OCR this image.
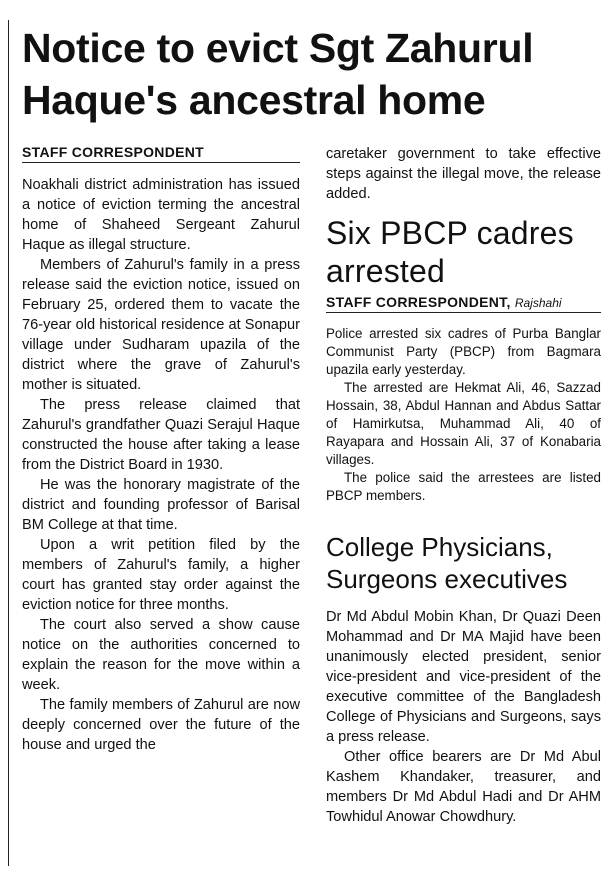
Notice to evict Sgt Zahurul Haque's ancestral home
STAFF CORRESPONDENT

Noakhali district administration has issued a notice of eviction terming the ancestral home of Shaheed Sergeant Zahurul Haque as illegal structure.

Members of Zahurul's family in a press release said the eviction notice, issued on February 25, ordered them to vacate the 76-year old historical residence at Sonapur village under Sudharam upazila of the district where the grave of Zahurul's mother is situated.

The press release claimed that Zahurul's grandfather Quazi Serajul Haque constructed the house after taking a lease from the District Board in 1930.

He was the honorary magistrate of the district and founding professor of Barisal BM College at that time.

Upon a writ petition filed by the members of Zahurul's family, a higher court has granted stay order against the eviction notice for three months.

The court also served a show cause notice on the authorities concerned to explain the reason for the move within a week.

The family members of Zahurul are now deeply concerned over the future of the house and urged the

caretaker government to take effective steps against the illegal move, the release added.

Six PBCP cadres arrested
STAFF CORRESPONDENT, Rajshahi

Police arrested six cadres of Purba Banglar Communist Party (PBCP) from Bagmara upazila early yesterday.

The arrested are Hekmat Ali, 46, Sazzad Hossain, 38, Abdul Hannan and Abdus Sattar of Hamirkutsa, Muhammad Ali, 40 of Rayapara and Hossain Ali, 37 of Konabaria villages.

The police said the arrestees are listed PBCP members.

College Physicians, Surgeons executives

Dr Md Abdul Mobin Khan, Dr Quazi Deen Mohammad and Dr MA Majid have been unanimously elected president, senior vice-president and vice-president of the executive committee of the Bangladesh College of Physicians and Surgeons, says a press release.

Other office bearers are Dr Md Abul Kashem Khandaker, treasurer, and members Dr Md Abdul Hadi and Dr AHM Towhidul Anowar Chowdhury.
